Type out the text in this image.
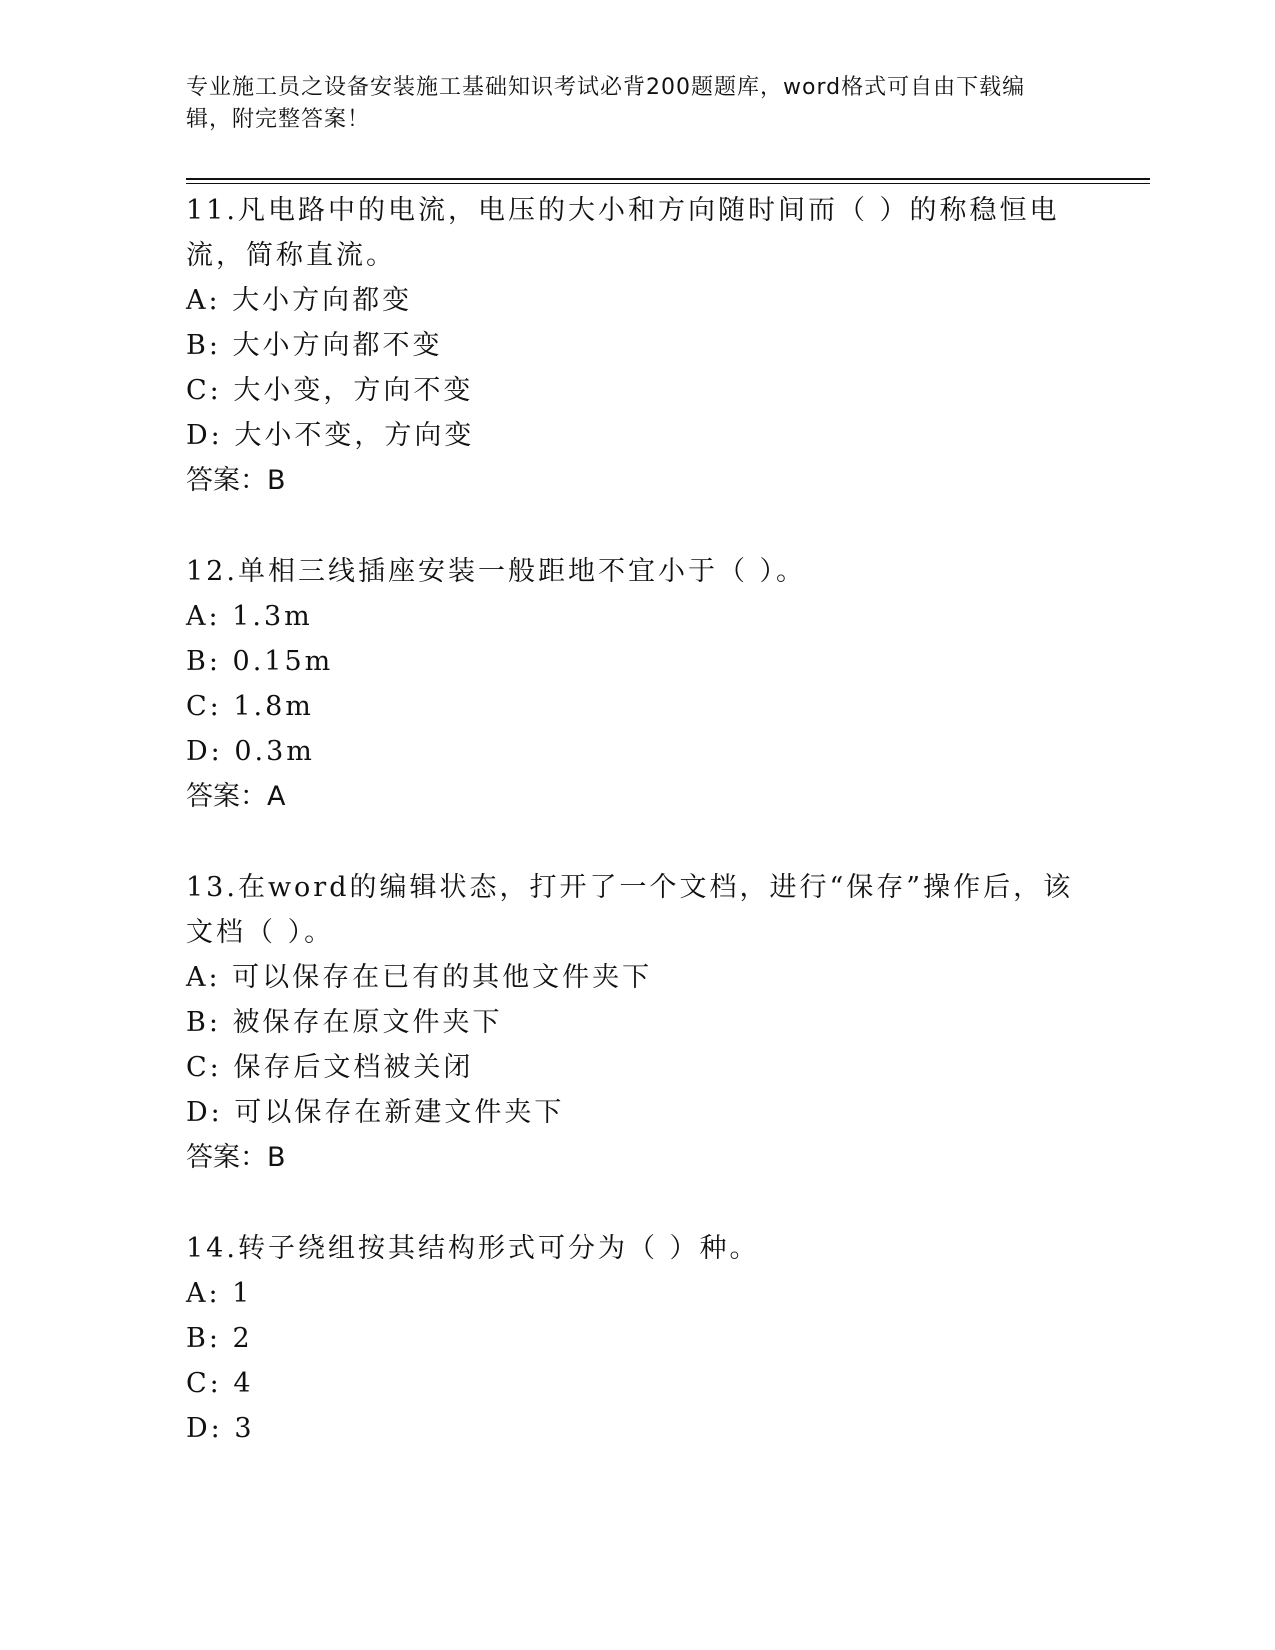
专业施工员之设备安装施工基础知识考试必背200题题库，word格式可自由下载编辑，附完整答案！

11.凡电路中的电流，电压的大小和方向随时间而（ ）的称稳恒电流，简称直流。

A: 大小方向都变

B: 大小方向都不变

C: 大小变，方向不变

D: 大小不变，方向变

答案：B

12.单相三线插座安装一般距地不宜小于（ ）。

A: 1.3m

B: 0.15m

C: 1.8m

D: 0.3m

答案：A

13.在word的编辑状态，打开了一个文档，进行“保存”操作后，该文档（ ）。

A: 可以保存在已有的其他文件夹下

B: 被保存在原文件夹下

C: 保存后文档被关闭

D: 可以保存在新建文件夹下

答案：B

14.转子绕组按其结构形式可分为（ ）种。

A: 1

B: 2

C: 4

D: 3
